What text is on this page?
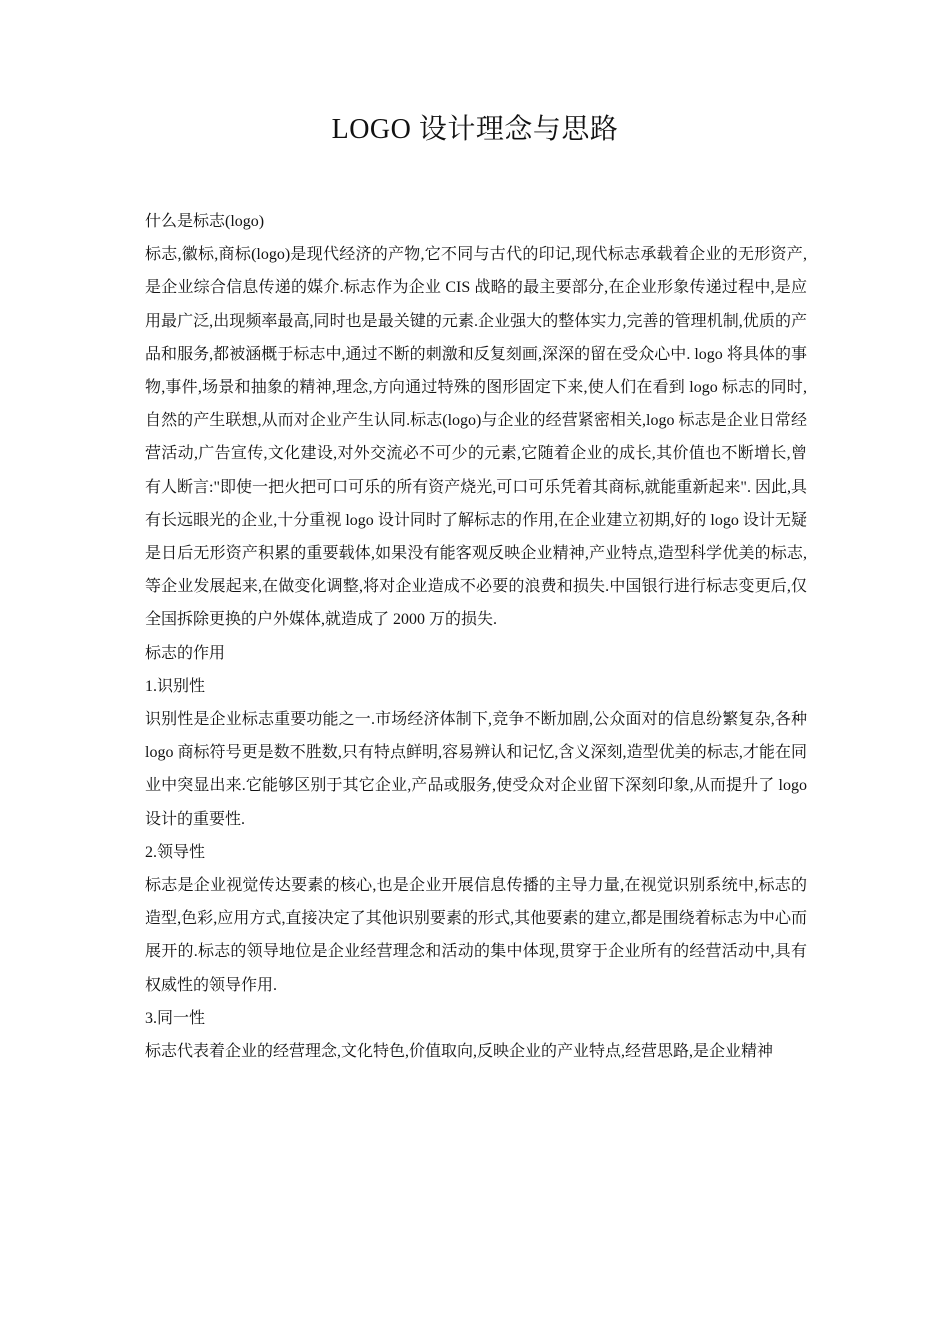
LOGO 设计理念与思路

什么是标志(logo)

标志,徽标,商标(logo)是现代经济的产物,它不同与古代的印记,现代标志承载着企业的无形资产,是企业综合信息传递的媒介.标志作为企业 CIS 战略的最主要部分,在企业形象传递过程中,是应用最广泛,出现频率最高,同时也是最关键的元素.企业强大的整体实力,完善的管理机制,优质的产品和服务,都被涵概于标志中,通过不断的刺激和反复刻画,深深的留在受众心中. logo 将具体的事物,事件,场景和抽象的精神,理念,方向通过特殊的图形固定下来,使人们在看到 logo 标志的同时,自然的产生联想,从而对企业产生认同.标志(logo)与企业的经营紧密相关,logo 标志是企业日常经营活动,广告宣传,文化建设,对外交流必不可少的元素,它随着企业的成长,其价值也不断增长,曾有人断言:"即使一把火把可口可乐的所有资产烧光,可口可乐凭着其商标,就能重新起来". 因此,具有长远眼光的企业,十分重视 logo 设计同时了解标志的作用,在企业建立初期,好的 logo 设计无疑是日后无形资产积累的重要载体,如果没有能客观反映企业精神,产业特点,造型科学优美的标志,等企业发展起来,在做变化调整,将对企业造成不必要的浪费和损失.中国银行进行标志变更后,仅全国拆除更换的户外媒体,就造成了 2000 万的损失.

标志的作用

1.识别性

识别性是企业标志重要功能之一.市场经济体制下,竞争不断加剧,公众面对的信息纷繁复杂,各种 logo 商标符号更是数不胜数,只有特点鲜明,容易辨认和记忆,含义深刻,造型优美的标志,才能在同业中突显出来.它能够区别于其它企业,产品或服务,使受众对企业留下深刻印象,从而提升了 logo 设计的重要性.

2.领导性

标志是企业视觉传达要素的核心,也是企业开展信息传播的主导力量,在视觉识别系统中,标志的造型,色彩,应用方式,直接决定了其他识别要素的形式,其他要素的建立,都是围绕着标志为中心而展开的.标志的领导地位是企业经营理念和活动的集中体现,贯穿于企业所有的经营活动中,具有权威性的领导作用.

3.同一性

标志代表着企业的经营理念,文化特色,价值取向,反映企业的产业特点,经营思路,是企业精神
